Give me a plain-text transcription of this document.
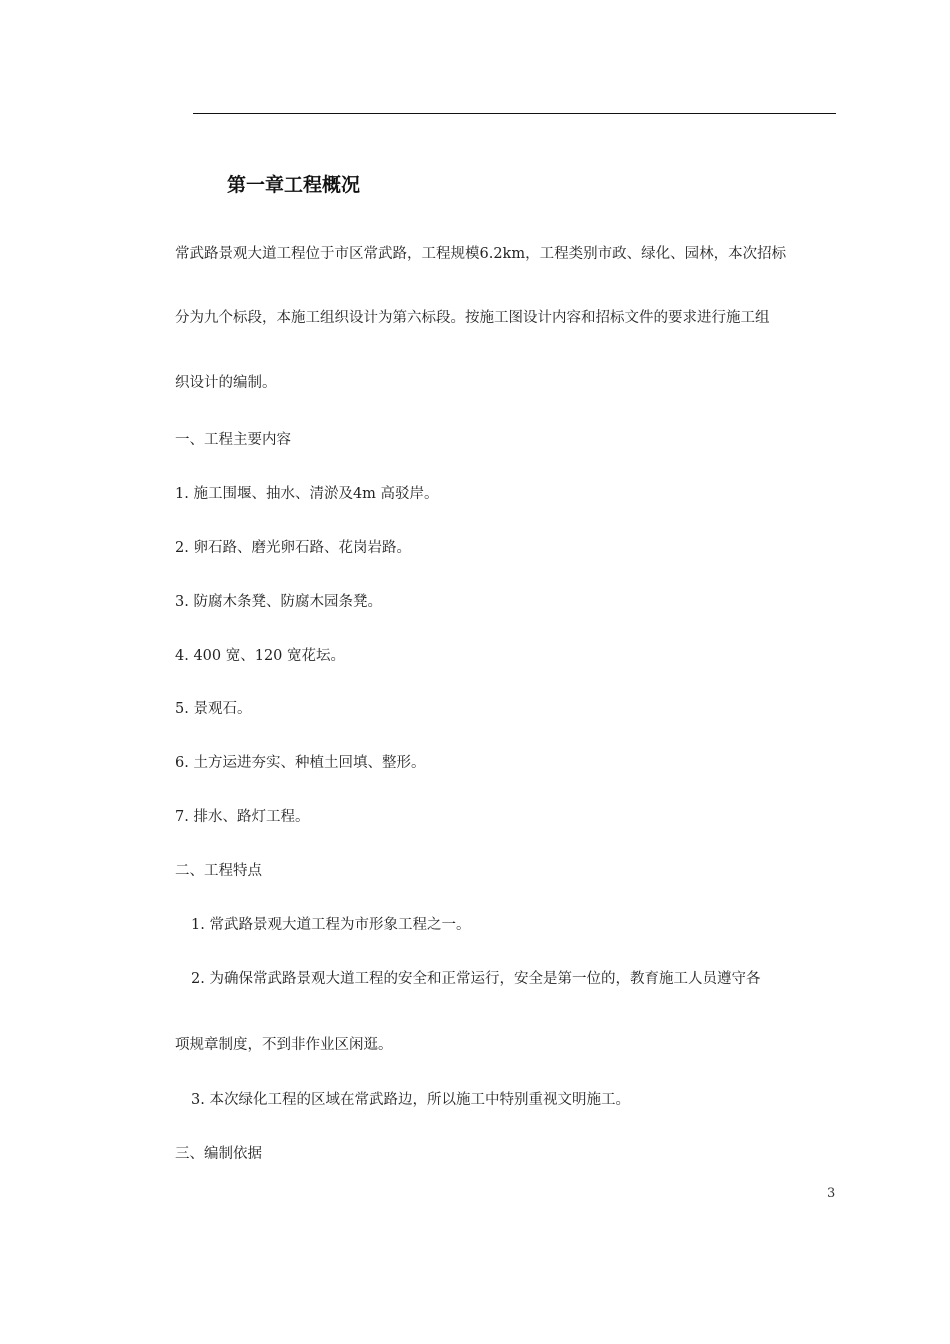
第一章工程概况
常武路景观大道工程位于市区常武路，工程规模6.2km，工程类别市政、绿化、园林，本次招标
分为九个标段，本施工组织设计为第六标段。按施工图设计内容和招标文件的要求进行施工组
织设计的编制。
一、工程主要内容
1. 施工围堰、抽水、清淤及4m 高驳岸。
2. 卵石路、磨光卵石路、花岗岩路。
3. 防腐木条凳、防腐木园条凳。
4. 400 宽、120 宽花坛。
5. 景观石。
6. 土方运进夯实、种植土回填、整形。
7. 排水、路灯工程。
二、工程特点
1. 常武路景观大道工程为市形象工程之一。
2. 为确保常武路景观大道工程的安全和正常运行，安全是第一位的，教育施工人员遵守各
项规章制度，不到非作业区闲逛。
3. 本次绿化工程的区域在常武路边，所以施工中特别重视文明施工。
三、编制依据
3
